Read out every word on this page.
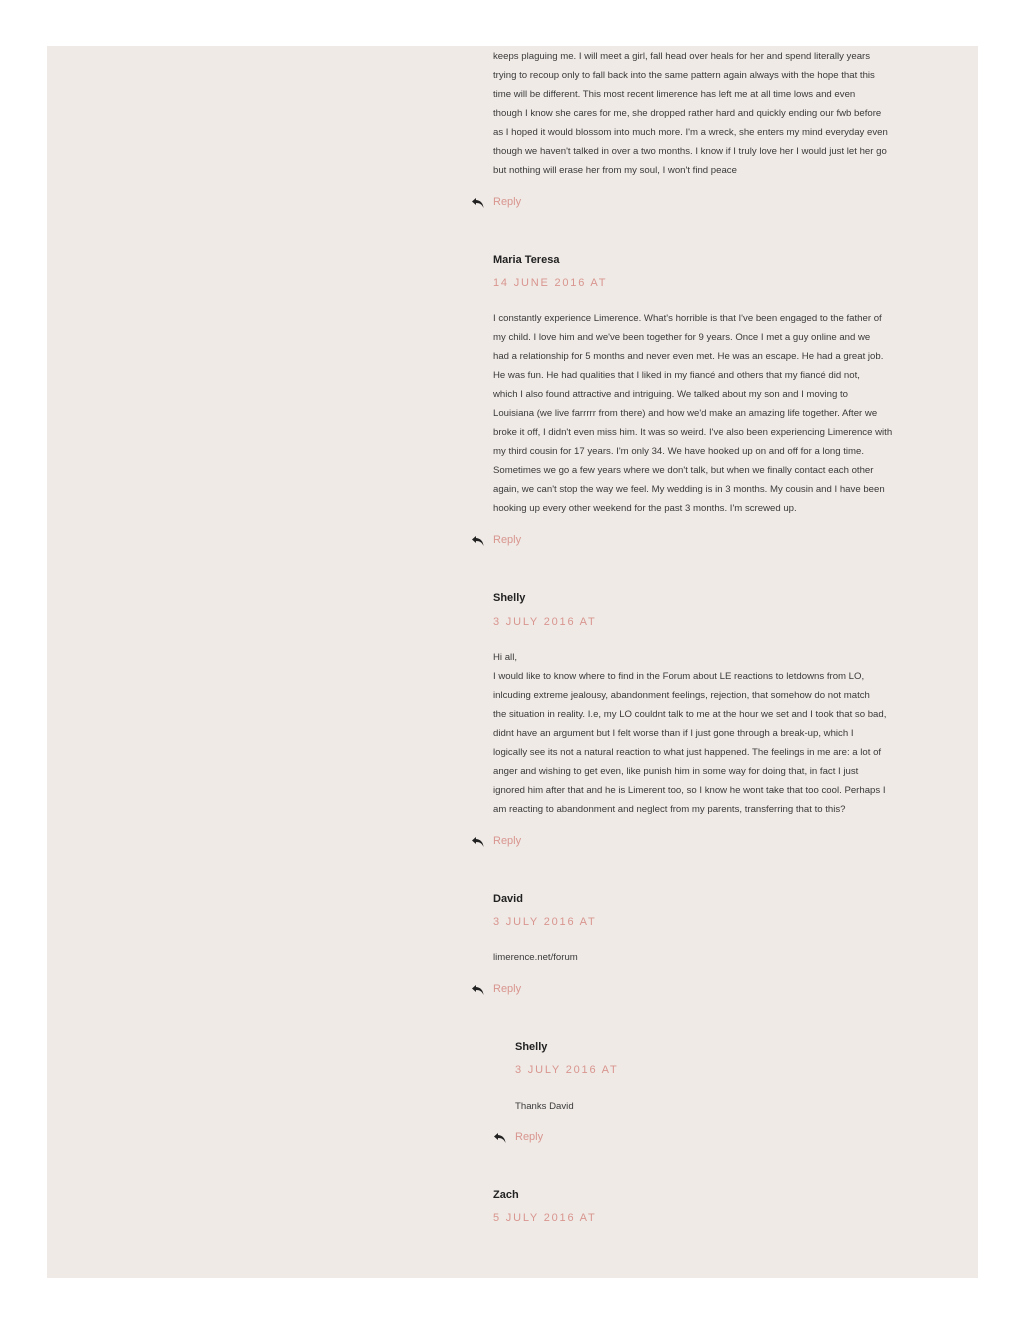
keeps plaguing me. I will meet a girl, fall head over heals for her and spend literally years

trying to recoup only to fall back into the same pattern again always with the hope that this

time will be different. This most recent limerence has left me at all time lows and even

though I know she cares for me, she dropped rather hard and quickly ending our fwb before

as I hoped it would blossom into much more. I'm a wreck, she enters my mind everyday even

though we haven't talked in over a two months. I know if I truly love her I would just let her go

but nothing will erase her from my soul, I won't find peace

Reply
Maria Teresa
14 JUNE 2016 AT

I constantly experience Limerence. What's horrible is that I've been engaged to the father of

my child. I love him and we've been together for 9 years. Once I met a guy online and we

had a relationship for 5 months and never even met. He was an escape. He had a great job.

He was fun. He had qualities that I liked in my fiancé and others that my fiancé did not,

which I also found attractive and intriguing. We talked about my son and I moving to

Louisiana (we live farrrrr from there) and how we'd make an amazing life together. After we

broke it off, I didn't even miss him. It was so weird. I've also been experiencing Limerence with

my third cousin for 17 years. I'm only 34. We have hooked up on and off for a long time.

Sometimes we go a few years where we don't talk, but when we finally contact each other

again, we can't stop the way we feel. My wedding is in 3 months. My cousin and I have been

hooking up every other weekend for the past 3 months. I'm screwed up.

Reply
Shelly
3 JULY 2016 AT

Hi all,

I would like to know where to find in the Forum about LE reactions to letdowns from LO,

inlcuding extreme jealousy, abandonment feelings, rejection, that somehow do not match

the situation in reality. I.e, my LO couldnt talk to me at the hour we set and I took that so bad,

didnt have an argument but I felt worse than if I just gone through a break-up, which I

logically see its not a natural reaction to what just happened. The feelings in me are: a lot of

anger and wishing to get even, like punish him in some way for doing that, in fact I just

ignored him after that and he is Limerent too, so I know he wont take that too cool. Perhaps I

am reacting to abandonment and neglect from my parents, transferring that to this?

Reply
David
3 JULY 2016 AT

limerence.net/forum

Reply
Shelly
3 JULY 2016 AT

Thanks David

Reply
Zach
5 JULY 2016 AT
